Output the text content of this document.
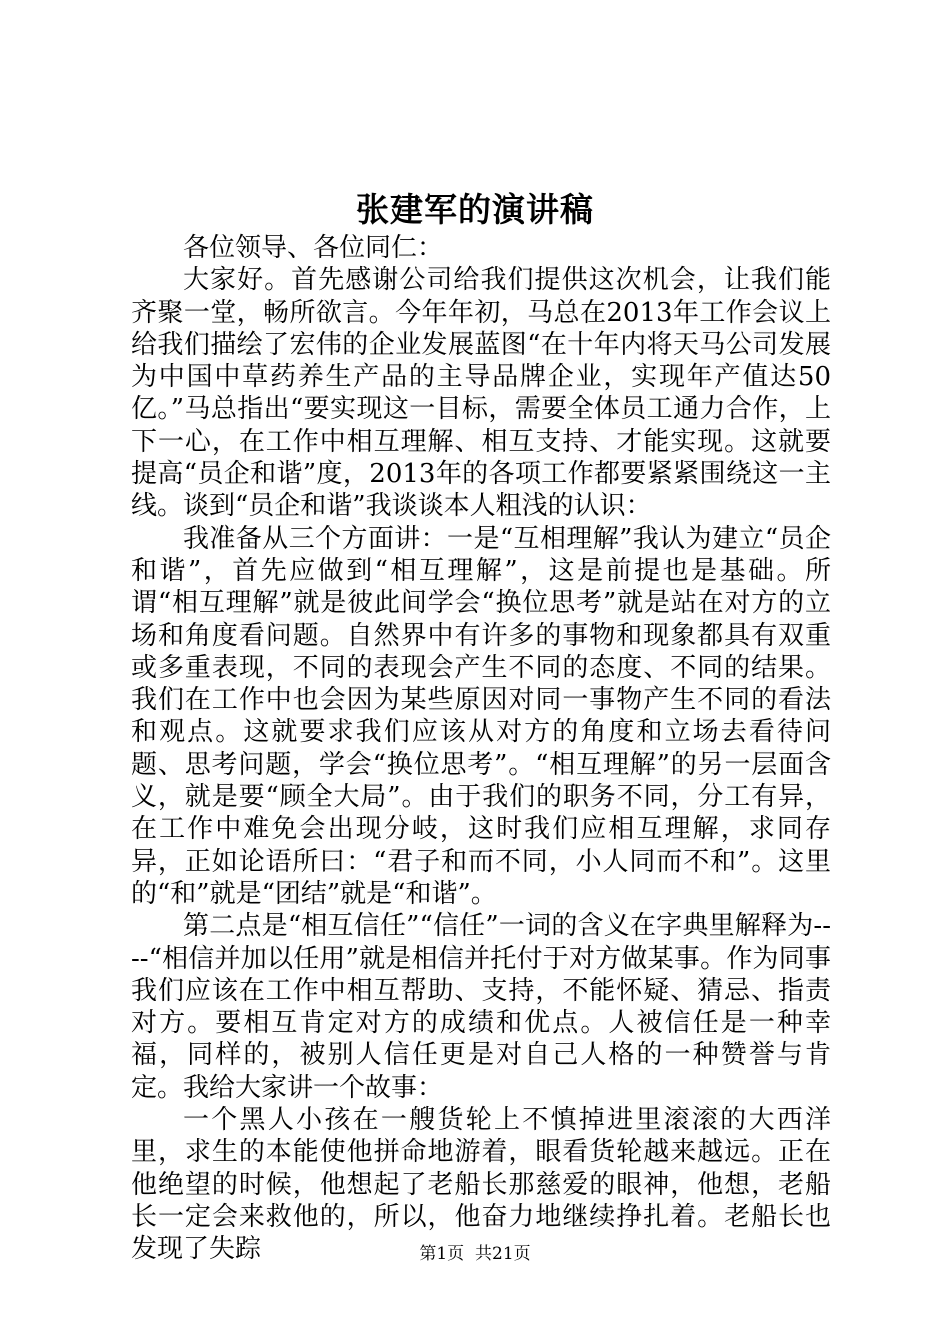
张建军的演讲稿

各位领导、各位同仁：

大家好。首先感谢公司给我们提供这次机会，让我们能齐聚一堂，畅所欲言。今年年初，马总在2013年工作会议上给我们描绘了宏伟的企业发展蓝图“在十年内将天马公司发展为中国中草药养生产品的主导品牌企业，实现年产值达50亿。”马总指出“要实现这一目标，需要全体员工通力合作，上下一心，在工作中相互理解、相互支持、才能实现。这就要提高“员企和谐”度，2013年的各项工作都要紧紧围绕这一主线。谈到“员企和谐”我谈谈本人粗浅的认识：

我准备从三个方面讲：一是“互相理解”我认为建立“员企和谐”，首先应做到“相互理解”，这是前提也是基础。所谓“相互理解”就是彼此间学会“换位思考”就是站在对方的立场和角度看问题。自然界中有许多的事物和现象都具有双重或多重表现，不同的表现会产生不同的态度、不同的结果。我们在工作中也会因为某些原因对同一事物产生不同的看法和观点。这就要求我们应该从对方的角度和立场去看待问题、思考问题，学会“换位思考”。“相互理解”的另一层面含义，就是要“顾全大局”。由于我们的职务不同，分工有异，在工作中难免会出现分岐，这时我们应相互理解，求同存异，正如论语所曰：“君子和而不同，小人同而不和”。这里的“和”就是“团结”就是“和谐”。

第二点是“相互信任”“信任”一词的含义在字典里解释为----“相信并加以任用”就是相信并托付于对方做某事。作为同事我们应该在工作中相互帮助、支持，不能怀疑、猜忌、指责对方。要相互肯定对方的成绩和优点。人被信任是一种幸福，同样的，被别人信任更是对自己人格的一种赞誉与肯定。我给大家讲一个故事：

一个黑人小孩在一艘货轮上不慎掉进里滚滚的大西洋里，求生的本能使他拼命地游着，眼看货轮越来越远。正在他绝望的时候，他想起了老船长那慈爱的眼神，他想，老船长一定会来救他的，所以，他奋力地继续挣扎着。老船长也发现了失踪	第1页 共21页
